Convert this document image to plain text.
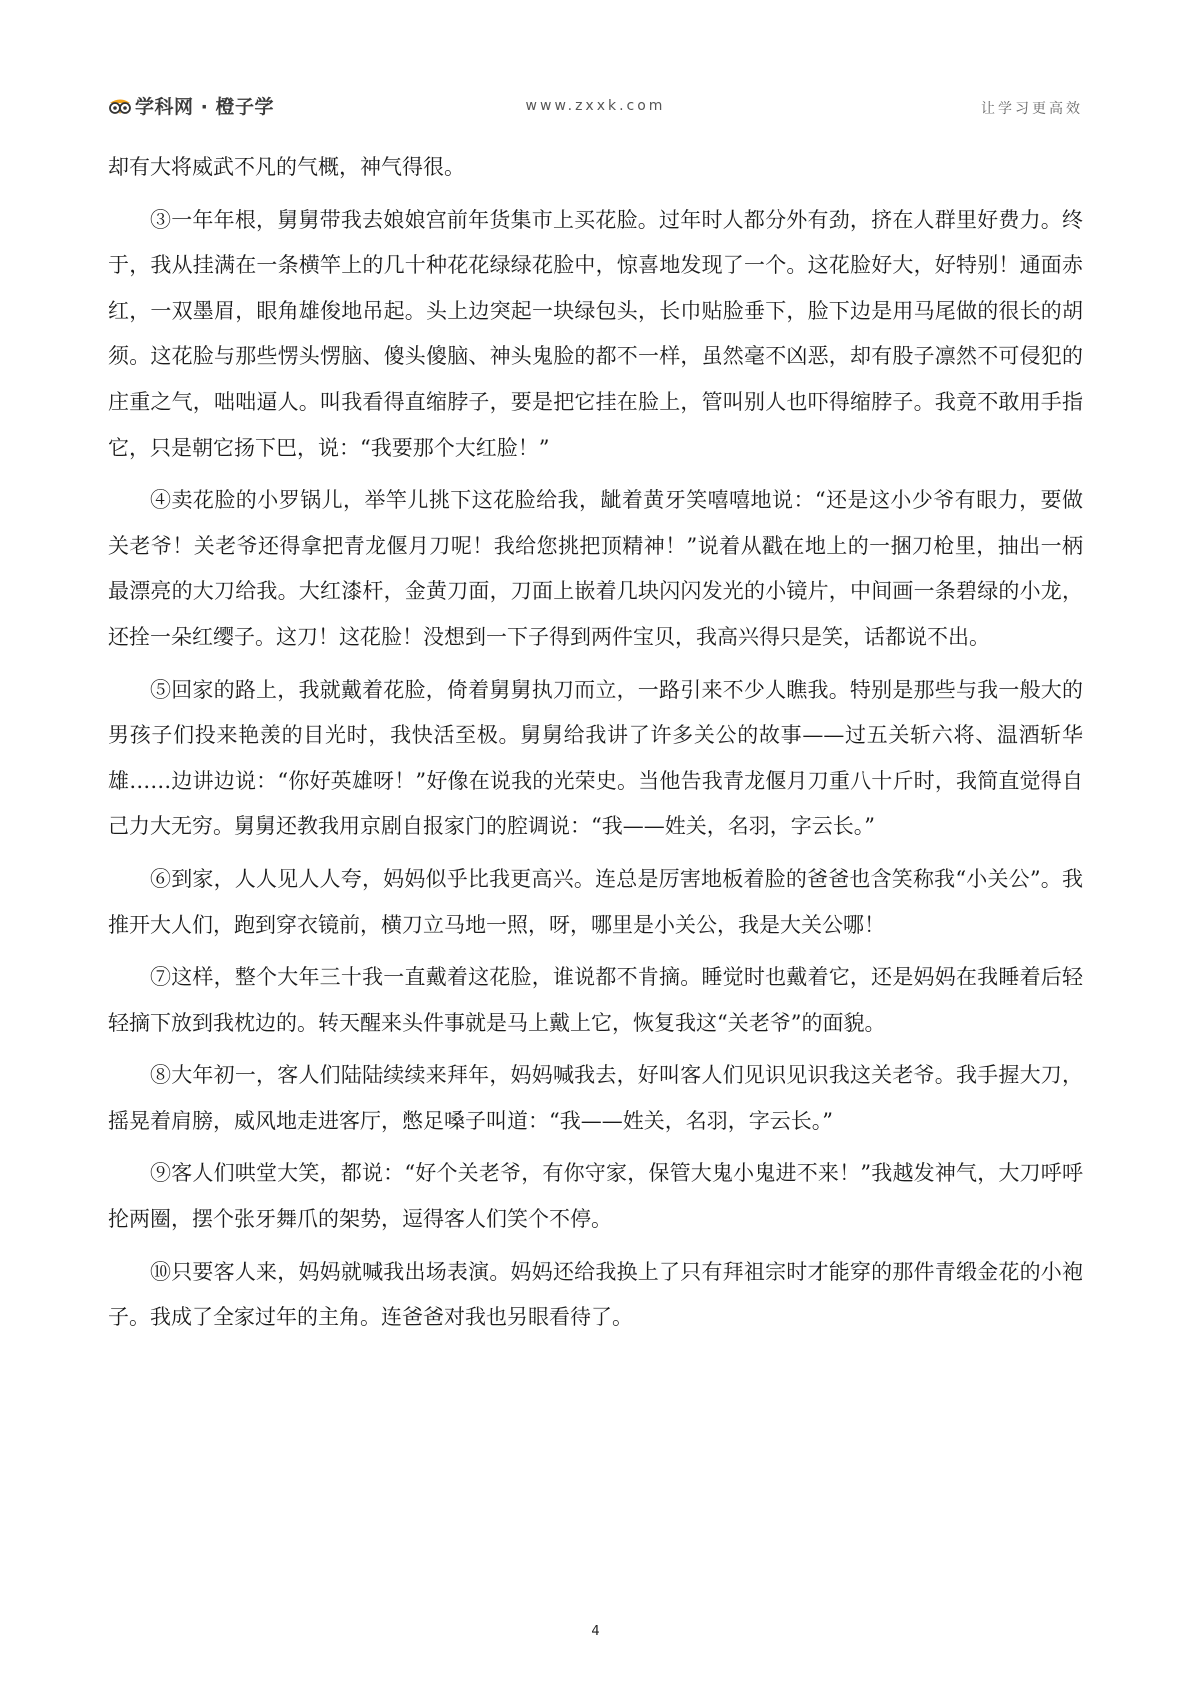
学科网 · 橙子学	www.zxxk.com	让学习更高效

却有大将威武不凡的气概，神气得很。

③一年年根，舅舅带我去娘娘宫前年货集市上买花脸。过年时人都分外有劲，挤在人群里好费力。终于，我从挂满在一条横竿上的几十种花花绿绿花脸中，惊喜地发现了一个。这花脸好大，好特别！通面赤红，一双墨眉，眼角雄俊地吊起。头上边突起一块绿包头，长巾贴脸垂下，脸下边是用马尾做的很长的胡须。这花脸与那些愣头愣脑、傻头傻脑、神头鬼脸的都不一样，虽然毫不凶恶，却有股子凛然不可侵犯的庄重之气，咄咄逼人。叫我看得直缩脖子，要是把它挂在脸上，管叫别人也吓得缩脖子。我竟不敢用手指它，只是朝它扬下巴，说：“我要那个大红脸！”

④卖花脸的小罗锅儿，举竿儿挑下这花脸给我，龇着黄牙笑嘻嘻地说：“还是这小少爷有眼力，要做关老爷！关老爷还得拿把青龙偃月刀呢！我给您挑把顶精神！”说着从戳在地上的一捆刀枪里，抽出一柄最漂亮的大刀给我。大红漆杆，金黄刀面，刀面上嵌着几块闪闪发光的小镜片，中间画一条碧绿的小龙，还拴一朵红缨子。这刀！这花脸！没想到一下子得到两件宝贝，我高兴得只是笑，话都说不出。

⑤回家的路上，我就戴着花脸，倚着舅舅执刀而立，一路引来不少人瞧我。特别是那些与我一般大的男孩子们投来艳羡的目光时，我快活至极。舅舅给我讲了许多关公的故事——过五关斩六将、温酒斩华雄……边讲边说：“你好英雄呀！”好像在说我的光荣史。当他告我青龙偃月刀重八十斤时，我简直觉得自己力大无穷。舅舅还教我用京剧自报家门的腔调说：“我——姓关，名羽，字云长。”

⑥到家，人人见人人夸，妈妈似乎比我更高兴。连总是厉害地板着脸的爸爸也含笑称我“小关公”。我推开大人们，跑到穿衣镜前，横刀立马地一照，呀，哪里是小关公，我是大关公哪！

⑦这样，整个大年三十我一直戴着这花脸，谁说都不肯摘。睡觉时也戴着它，还是妈妈在我睡着后轻轻摘下放到我枕边的。转天醒来头件事就是马上戴上它，恢复我这“关老爷”的面貌。

⑧大年初一，客人们陆陆续续来拜年，妈妈喊我去，好叫客人们见识见识我这关老爷。我手握大刀，摇晃着肩膀，威风地走进客厅，憋足嗓子叫道：“我——姓关，名羽，字云长。”

⑨客人们哄堂大笑，都说：“好个关老爷，有你守家，保管大鬼小鬼进不来！”我越发神气，大刀呼呼抡两圈，摆个张牙舞爪的架势，逗得客人们笑个不停。

⑩只要客人来，妈妈就喊我出场表演。妈妈还给我换上了只有拜祖宗时才能穿的那件青缎金花的小袍子。我成了全家过年的主角。连爸爸对我也另眼看待了。

4
